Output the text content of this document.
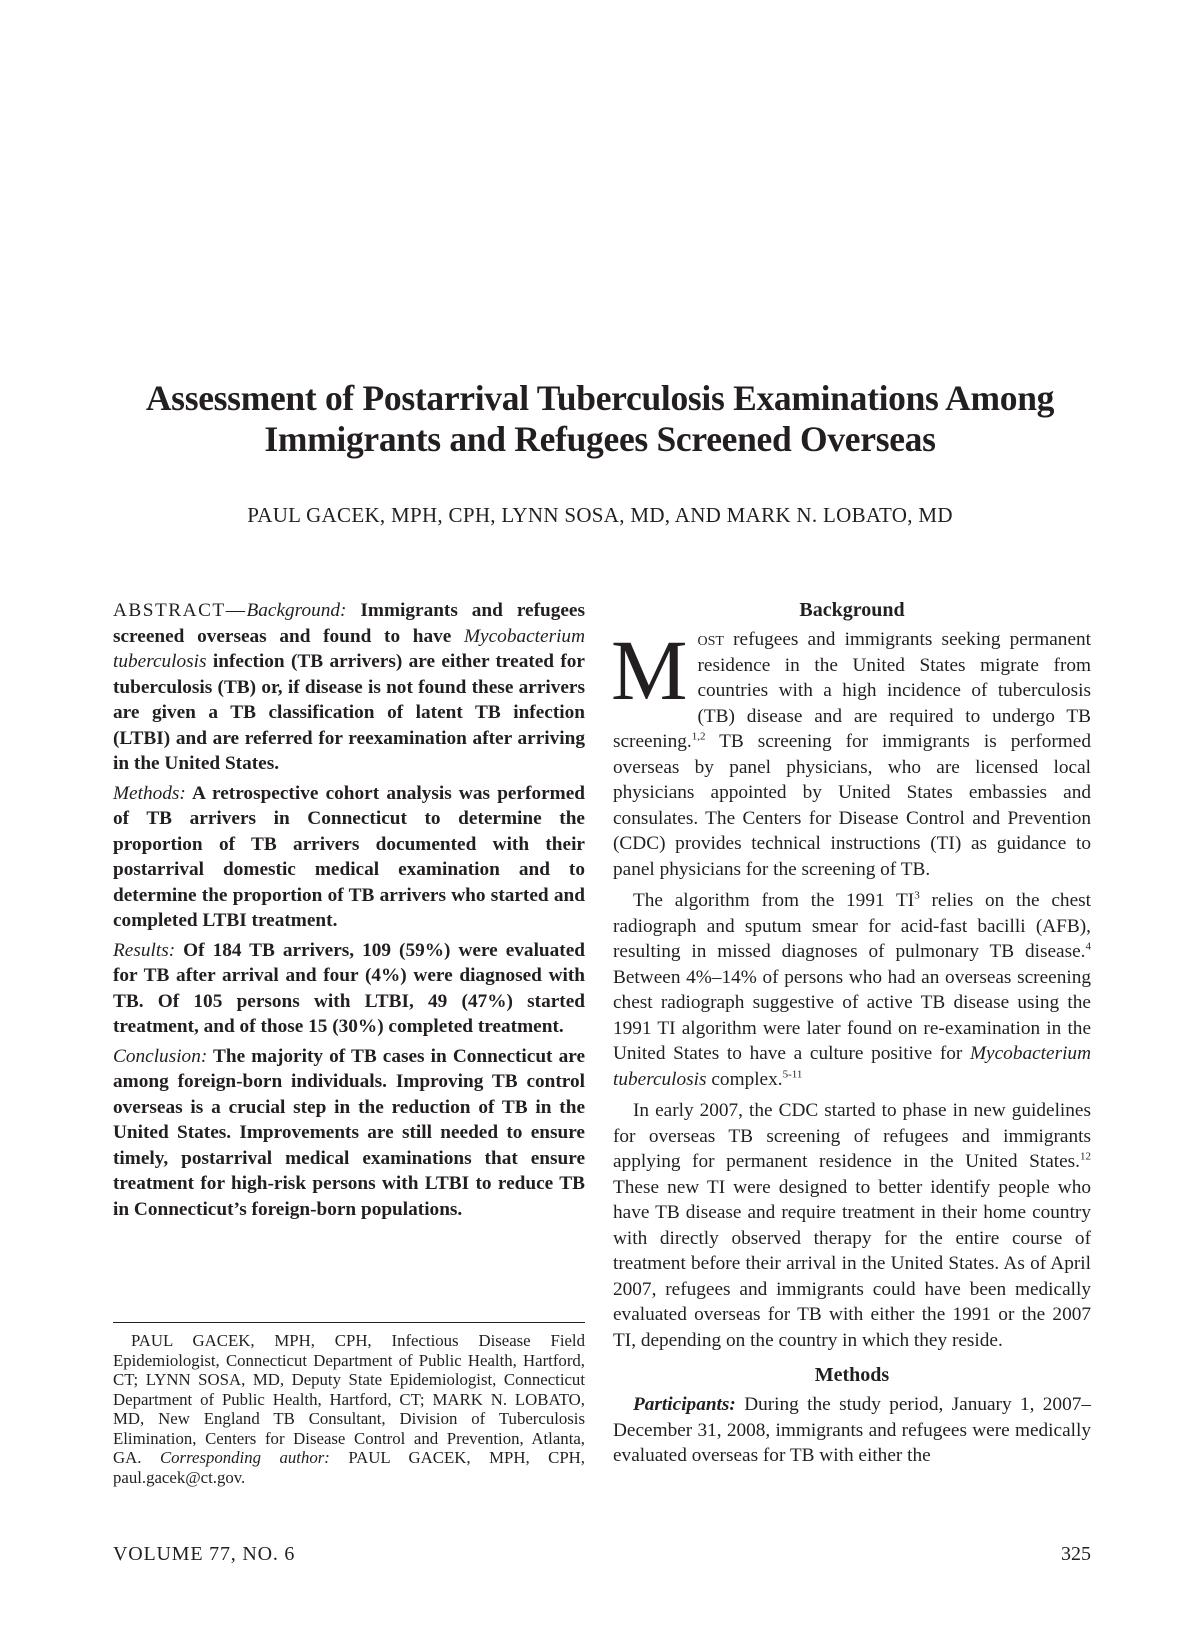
Assessment of Postarrival Tuberculosis Examinations Among
Immigrants and Refugees Screened Overseas
PAUL GACEK, MPH, CPH, LYNN SOSA, MD, AND MARK N. LOBATO, MD

ABSTRACT—Background: Immigrants and refugees screened overseas and found to have Mycobacterium tuberculosis infection (TB arrivers) are either treated for tuberculosis (TB) or, if disease is not found these arrivers are given a TB classification of latent TB infection (LTBI) and are referred for reexamination after arriving in the United States.

Methods: A retrospective cohort analysis was performed of TB arrivers in Connecticut to determine the proportion of TB arrivers documented with their postarrival domestic medical examination and to determine the proportion of TB arrivers who started and completed LTBI treatment.

Results: Of 184 TB arrivers, 109 (59%) were evaluated for TB after arrival and four (4%) were diagnosed with TB. Of 105 persons with LTBI, 49 (47%) started treatment, and of those 15 (30%) completed treatment.

Conclusion: The majority of TB cases in Connecticut are among foreign-born individuals. Improving TB control overseas is a crucial step in the reduction of TB in the United States. Improvements are still needed to ensure timely, postarrival medical examinations that ensure treatment for high-risk persons with LTBI to reduce TB in Connecticut’s foreign-born populations.

PAUL GACEK, MPH, CPH, Infectious Disease Field Epidemiologist, Connecticut Department of Public Health, Hartford, CT; LYNN SOSA, MD, Deputy State Epidemiologist, Connecticut Department of Public Health, Hartford, CT; MARK N. LOBATO, MD, New England TB Consultant, Division of Tuberculosis Elimination, Centers for Disease Control and Prevention, Atlanta, GA. Corresponding author: PAUL GACEK, MPH, CPH, paul.gacek@ct.gov.

Background

Most refugees and immigrants seeking permanent residence in the United States migrate from countries with a high incidence of tuberculosis (TB) disease and are required to undergo TB screening.$^{1,2}$ TB screening for immigrants is performed overseas by panel physicians, who are licensed local physicians appointed by United States embassies and consulates. The Centers for Disease Control and Prevention (CDC) provides technical instructions (TI) as guidance to panel physicians for the screening of TB.

The algorithm from the 1991 $TI^3$ relies on the chest radiograph and sputum smear for acid-fast bacilli (AFB), resulting in missed diagnoses of pulmonary TB disease.$^4$ Between 4%–14% of persons who had an overseas screening chest radiograph suggestive of active TB disease using the 1991 TI algorithm were later found on re-examination in the United States to have a culture positive for Mycobacterium tuberculosis complex.$^{5-11}$

In early 2007, the CDC started to phase in new guidelines for overseas TB screening of refugees and immigrants applying for permanent residence in the United States.$^{12}$ These new TI were designed to better identify people who have TB disease and require treatment in their home country with directly observed therapy for the entire course of treatment before their arrival in the United States. As of April 2007, refugees and immigrants could have been medically evaluated overseas for TB with either the 1991 or the 2007 TI, depending on the country in which they reside.

Methods

Participants: During the study period, January 1, 2007–December 31, 2008, immigrants and refugees were medically evaluated overseas for TB with either the

VOLUME 77, NO. 6	325
